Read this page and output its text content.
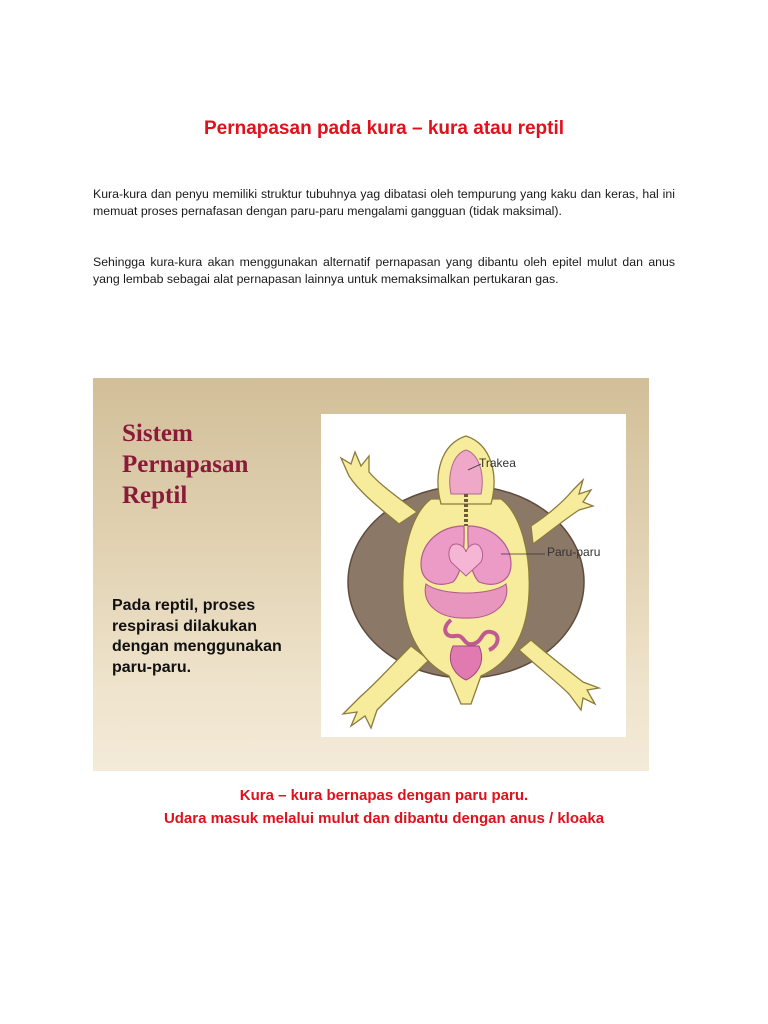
Pernapasan pada kura – kura atau reptil

Kura-kura dan penyu memiliki struktur tubuhnya yag dibatasi oleh tempurung yang kaku dan keras, hal ini memuat proses pernafasan dengan paru-paru mengalami gangguan (tidak maksimal).

Sehingga kura-kura akan menggunakan alternatif pernapasan yang dibantu oleh epitel mulut dan anus yang lembab sebagai alat pernapasan lainnya untuk memaksimalkan pertukaran gas.

Sistem
Pernapasan
Reptil
Pada reptil, proses
respirasi dilakukan
dengan menggunakan
paru-paru.
Trakea
Paru-paru
Kura – kura bernapas dengan paru paru.
Udara masuk melalui mulut dan dibantu dengan anus / kloaka
